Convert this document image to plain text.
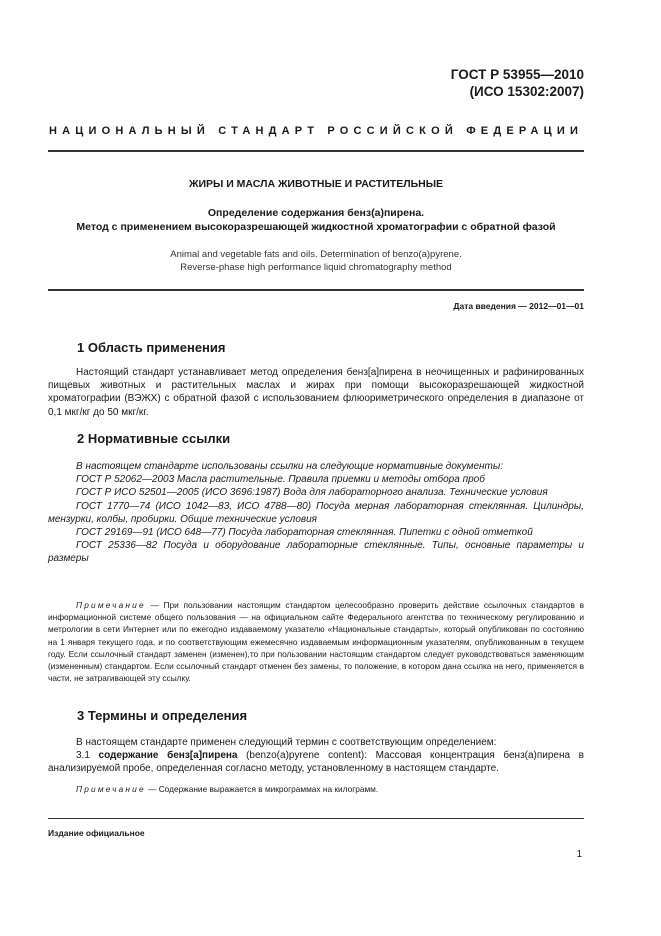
ГОСТ Р 53955—2010
(ИСО 15302:2007)
НАЦИОНАЛЬНЫЙ СТАНДАРТ РОССИЙСКОЙ ФЕДЕРАЦИИ
ЖИРЫ И МАСЛА ЖИВОТНЫЕ И РАСТИТЕЛЬНЫЕ
Определение содержания бенз(а)пирена.
Метод с применением высокоразрешающей жидкостной хроматографии с обратной фазой
Animal and vegetable fats and oils. Determination of benzo(a)pyrene.
Reverse-phase high performance liquid chromatography method
Дата введения — 2012—01—01
1 Область применения

Настоящий стандарт устанавливает метод определения бенз[а]пирена в неочищенных и рафинированных пищевых животных и растительных маслах и жирах при помощи высокоразрешающей жидкостной хроматографии (ВЭЖХ) с обратной фазой с использованием флюориметрического определения в диапазоне от 0,1 мкг/кг до 50 мкг/кг.

2 Нормативные ссылки

В настоящем стандарте использованы ссылки на следующие нормативные документы:

ГОСТ Р 52062—2003 Масла растительные. Правила приемки и методы отбора проб

ГОСТ Р ИСО 52501—2005 (ИСО 3696:1987) Вода для лабораторного анализа. Технические условия

ГОСТ 1770—74 (ИСО 1042—83, ИСО 4788—80) Посуда мерная лабораторная стеклянная. Цилиндры, мензурки, колбы, пробирки. Общие технические условия

ГОСТ 29169—91 (ИСО 648—77) Посуда лабораторная стеклянная. Пипетки с одной отметкой

ГОСТ 25336—82 Посуда и оборудование лабораторные стеклянные. Типы, основные параметры и размеры

Примечание — При пользовании настоящим стандартом целесообразно проверить действие ссылочных стандартов в информационной системе общего пользования — на официальном сайте Федерального агентства по техническому регулированию и метрологии в сети Интернет или по ежегодно издаваемому указателю «Национальные стандарты», который опубликован по состоянию на 1 января текущего года, и по соответствующим ежемесячно издаваемым информационным указателям, опубликованным в текущем году. Если ссылочный стандарт заменен (изменен),то при пользовании настоящим стандартом следует руководствоваться заменяющим (измененным) стандартом. Если ссылочный стандарт отменен без замены, то положение, в котором дана ссылка на него, применяется в части, не затрагивающей эту ссылку.

3 Термины и определения

В настоящем стандарте применен следующий термин с соответствующим определением:

3.1 содержание бенз[а]пирена (benzo(a)pyrene content): Массовая концентрация бенз(а)пирена в анализируемой пробе, определенная согласно методу, установленному в настоящем стандарте.

Примечание — Содержание выражается в микрограммах на килограмм.

Издание официальное
1
